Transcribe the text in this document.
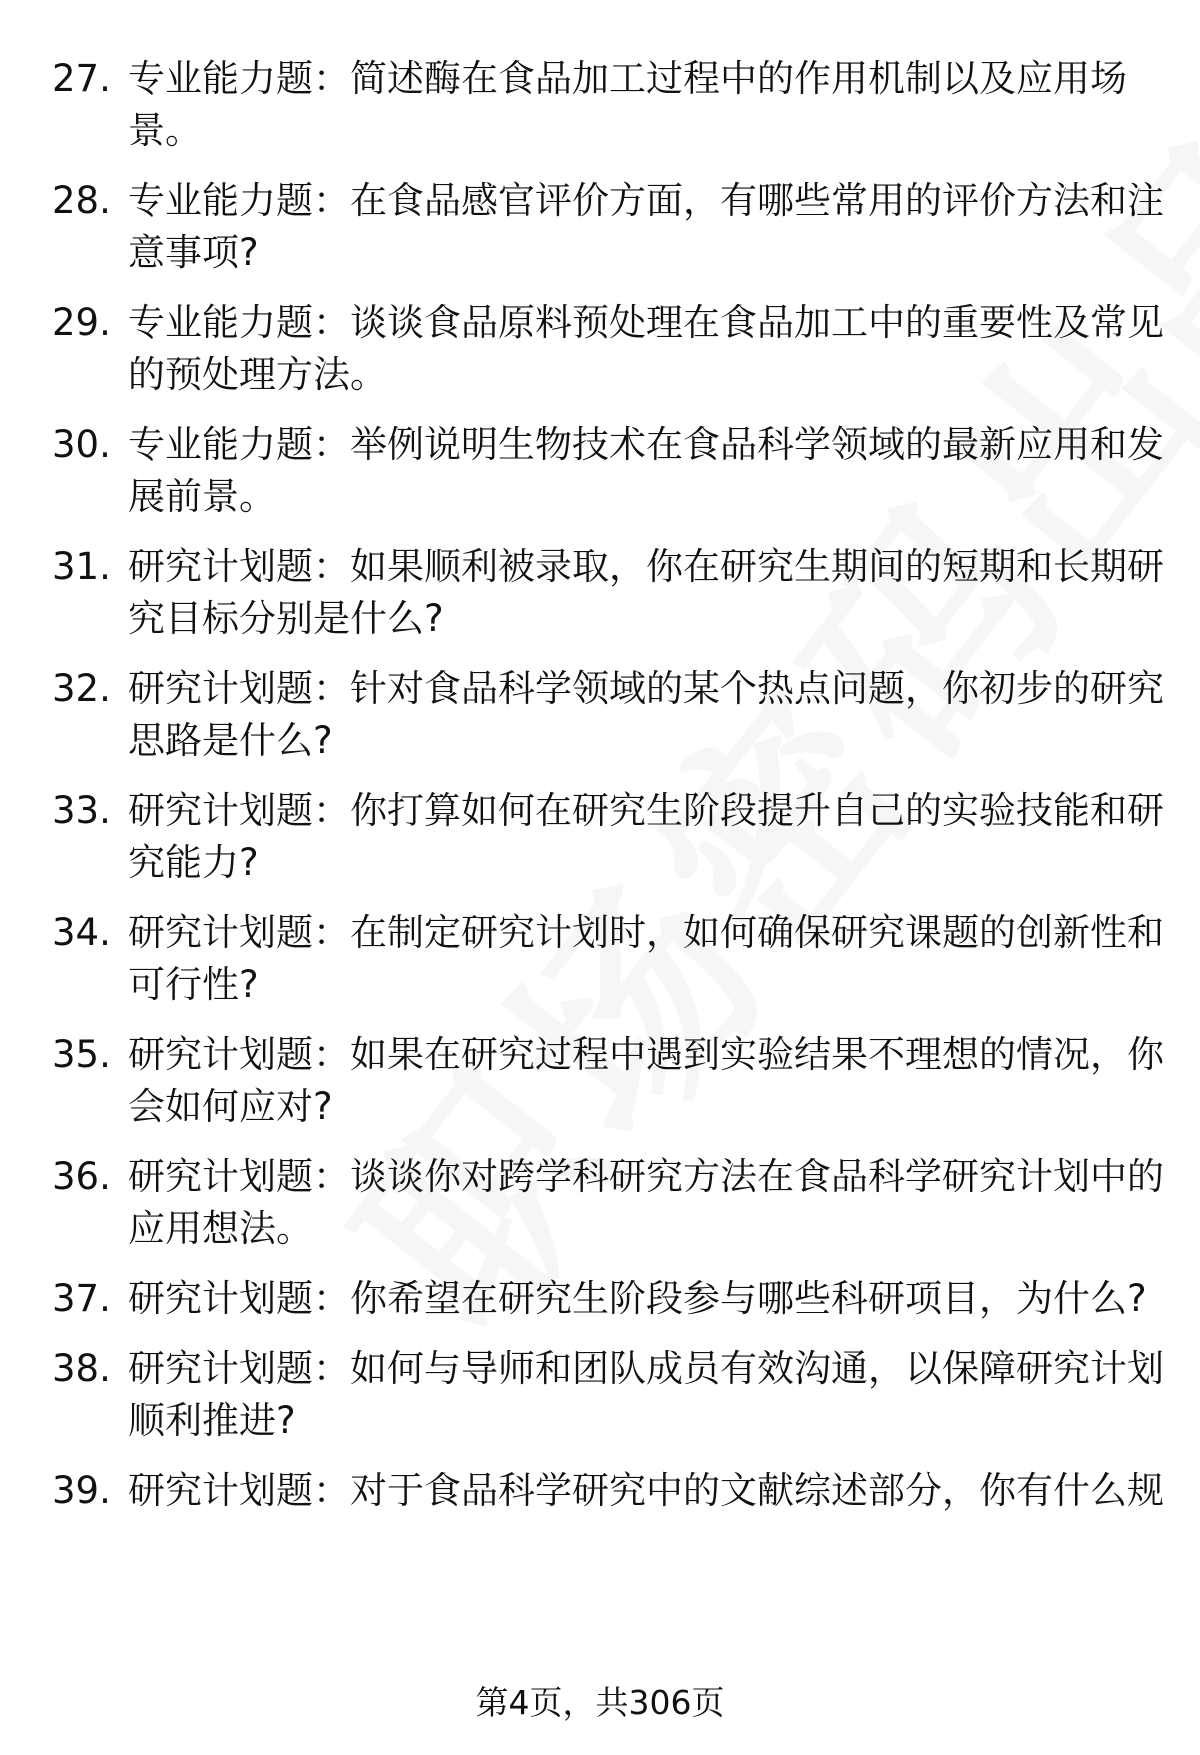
27. 专业能力题：简述酶在食品加工过程中的作用机制以及应用场
景。
28. 专业能力题：在食品感官评价方面，有哪些常用的评价方法和注
意事项?
29. 专业能力题：谈谈食品原料预处理在食品加工中的重要性及常见
的预处理方法。
30. 专业能力题：举例说明生物技术在食品科学领域的最新应用和发
展前景。
31. 研究计划题：如果顺利被录取，你在研究生期间的短期和长期研
究目标分别是什么?
32. 研究计划题：针对食品科学领域的某个热点问题，你初步的研究
思路是什么?
33. 研究计划题：你打算如何在研究生阶段提升自己的实验技能和研
究能力?
34. 研究计划题：在制定研究计划时，如何确保研究课题的创新性和
可行性?
35. 研究计划题：如果在研究过程中遇到实验结果不理想的情况，你
会如何应对?
36. 研究计划题：谈谈你对跨学科研究方法在食品科学研究计划中的
应用想法。
37. 研究计划题：你希望在研究生阶段参与哪些科研项目，为什么?
38. 研究计划题：如何与导师和团队成员有效沟通，以保障研究计划
顺利推进?
39. 研究计划题：对于食品科学研究中的文献综述部分，你有什么规
第4页，共306页
